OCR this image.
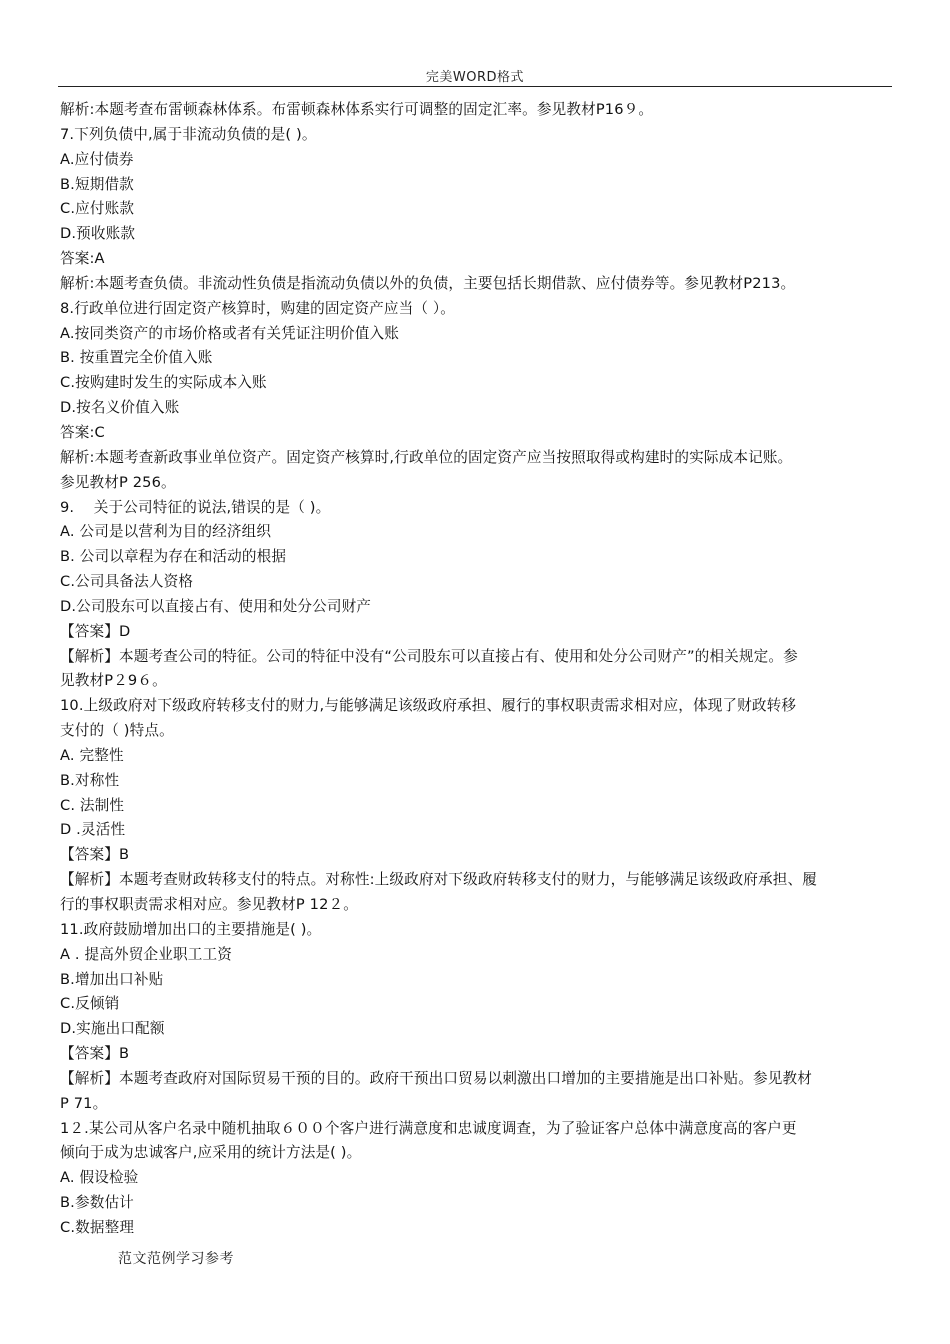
完美WORD格式
解析:本题考查布雷顿森林体系。布雷顿森林体系实行可调整的固定汇率。参见教材P16９。
7.下列负债中,属于非流动负债的是( )。
A.应付债券
B.短期借款
C.应付账款
D.预收账款
答案:A
解析:本题考查负债。非流动性负债是指流动负债以外的负债，主要包括长期借款、应付债券等。参见教材P213。
8.行政单位进行固定资产核算时，购建的固定资产应当（ ）。
A.按同类资产的市场价格或者有关凭证注明价值入账
B. 按重置完全价值入账
C.按购建时发生的实际成本入账
D.按名义价值入账
答案:C
解析:本题考查新政事业单位资产。固定资产核算时,行政单位的固定资产应当按照取得或构建时的实际成本记账。
参见教材P 256。
9.　 关于公司特征的说法,错误的是（ )。
A. 公司是以营利为目的经济组织
B. 公司以章程为存在和活动的根据
C.公司具备法人资格
D.公司股东可以直接占有、使用和处分公司财产
【答案】D
【解析】本题考查公司的特征。公司的特征中没有“公司股东可以直接占有、使用和处分公司财产”的相关规定。参
见教材P２9６。
10.上级政府对下级政府转移支付的财力,与能够满足该级政府承担、履行的事权职责需求相对应，体现了财政转移
支付的（ )特点。
A. 完整性
B.对称性
C. 法制性
D .灵活性
【答案】B
【解析】本题考查财政转移支付的特点。对称性:上级政府对下级政府转移支付的财力，与能够满足该级政府承担、履
行的事权职责需求相对应。参见教材P 12２。
11.政府鼓励增加出口的主要措施是( )。
A . 提高外贸企业职工工资
B.增加出口补贴
C.反倾销
D.实施出口配额
【答案】B
【解析】本题考查政府对国际贸易干预的目的。政府干预出口贸易以刺激出口增加的主要措施是出口补贴。参见教材
P 71。
1２.某公司从客户名录中随机抽取６００个客户进行满意度和忠诚度调查，为了验证客户总体中满意度高的客户更
倾向于成为忠诚客户,应采用的统计方法是( )。
A. 假设检验
B.参数估计
C.数据整理
范文范例学习参考
